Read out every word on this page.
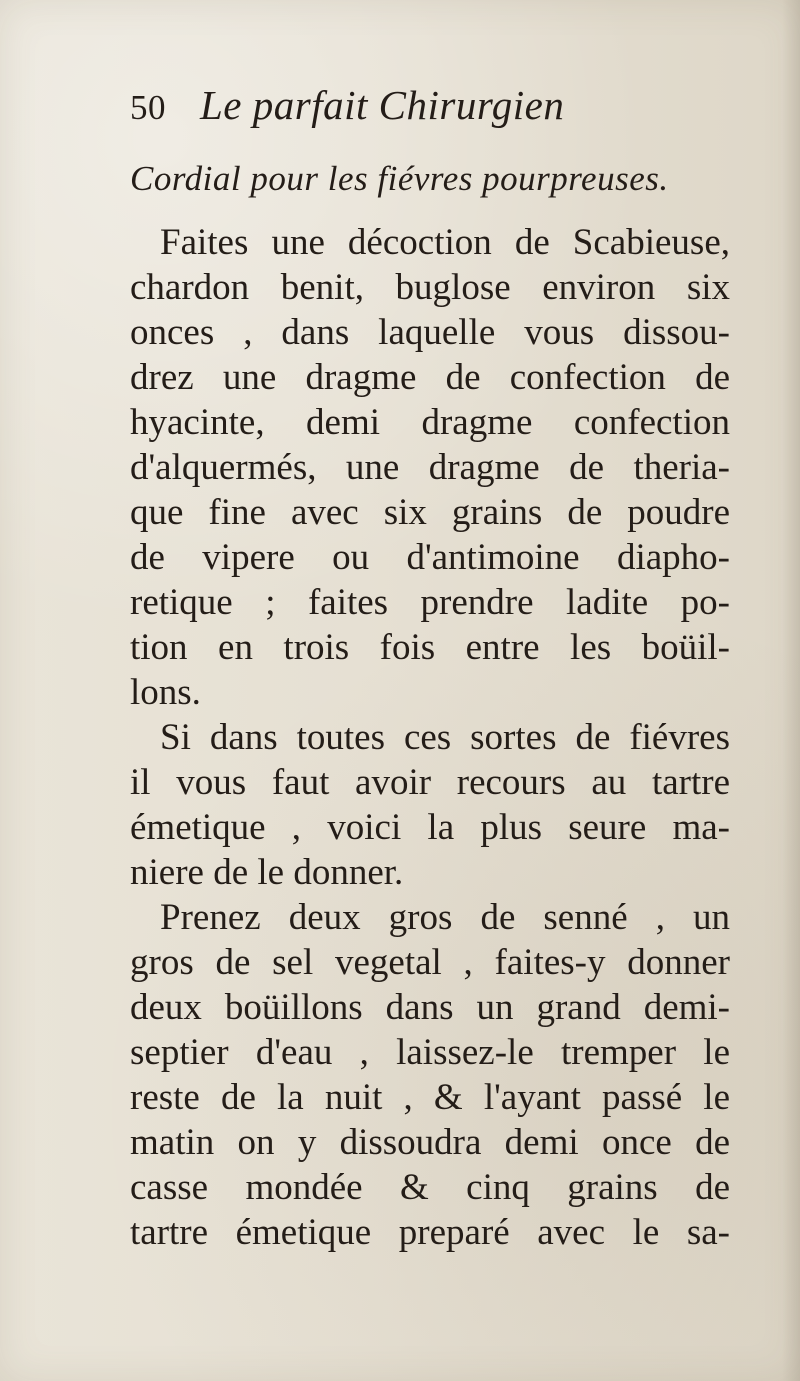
50 Le parfait Chirurgien
Cordial pour les fiévres pourpreuses.
Faites une décoction de Scabieuse,
chardon benit, buglose environ six
onces , dans laquelle vous dissou-
drez une dragme de confection de
hyacinte, demi dragme confection
d'alquermés, une dragme de theria-
que fine avec six grains de poudre
de vipere ou d'antimoine diapho-
retique ; faites prendre ladite po-
tion en trois fois entre les boüil-
lons.
Si dans toutes ces sortes de fiévres
il vous faut avoir recours au tartre
émetique , voici la plus seure ma-
niere de le donner.
Prenez deux gros de senné , un
gros de sel vegetal , faites-y donner
deux boüillons dans un grand demi-
septier d'eau , laissez-le tremper le
reste de la nuit , & l'ayant passé le
matin on y dissoudra demi once de
casse mondée & cinq grains de
tartre émetique preparé avec le sa-
